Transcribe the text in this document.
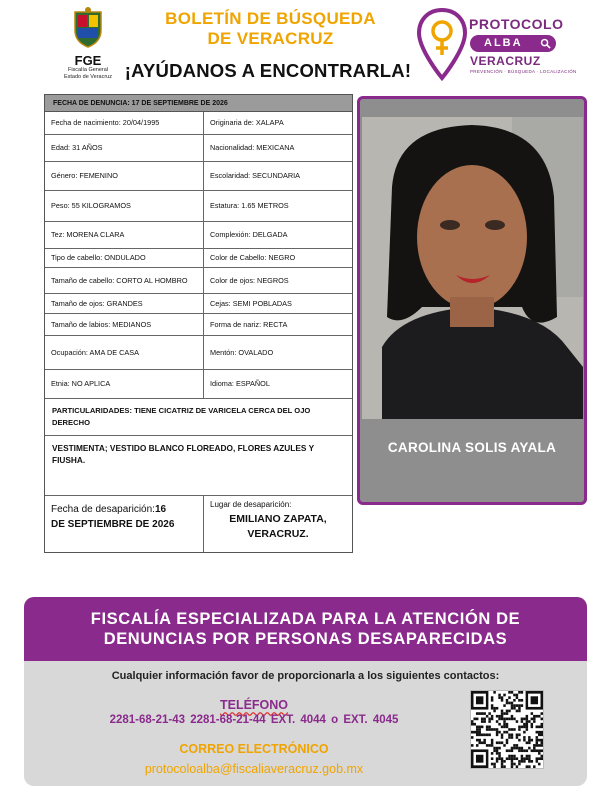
FGE
Fiscalía General
Estado de Veracruz
BOLETÍN DE BÚSQUEDA
DE VERACRUZ
¡AYÚDANOS A ENCONTRARLA!
PROTOCOLO
ALBA
VERACRUZ
PREVENCIÓN · BÚSQUEDA · LOCALIZACIÓN
FECHA DE DENUNCIA: 17 DE SEPTIEMBRE DE 2026
Fecha de nacimiento: 20/04/1995	Originaria de: XALAPA
Edad: 31 AÑOS	Nacionalidad: MEXICANA
Género: FEMENINO	Escolaridad: SECUNDARIA
Peso: 55 KILOGRAMOS	Estatura: 1.65 METROS
Tez: MORENA CLARA	Complexión: DELGADA
Tipo de cabello: ONDULADO	Color de Cabello: NEGRO
Tamaño de cabello: CORTO AL HOMBRO	Color de ojos: NEGROS
Tamaño de ojos: GRANDES	Cejas: SEMI POBLADAS
Tamaño de labios: MEDIANOS	Forma de nariz: RECTA
Ocupación: AMA DE CASA	Mentón: OVALADO
Etnia: NO APLICA	Idioma: ESPAÑOL
PARTICULARIDADES: TIENE CICATRIZ DE VARICELA CERCA DEL OJO DERECHO
VESTIMENTA; VESTIDO BLANCO FLOREADO, FLORES AZULES Y FIUSHA.
Fecha de desaparición:16
DE SEPTIEMBRE DE 2026
Lugar de desaparición:
EMILIANO ZAPATA,
VERACRUZ.
CAROLINA SOLIS AYALA
FISCALÍA ESPECIALIZADA PARA LA ATENCIÓN DE
DENUNCIAS POR PERSONAS DESAPARECIDAS
Cualquier información favor de proporcionarla a los siguientes contactos:
TELÉFONO
2281-68-21-43 2281-68-21-44 EXT. 4044 o EXT. 4045
CORREO ELECTRÓNICO
protocoloalba@fiscaliaveracruz.gob.mx
